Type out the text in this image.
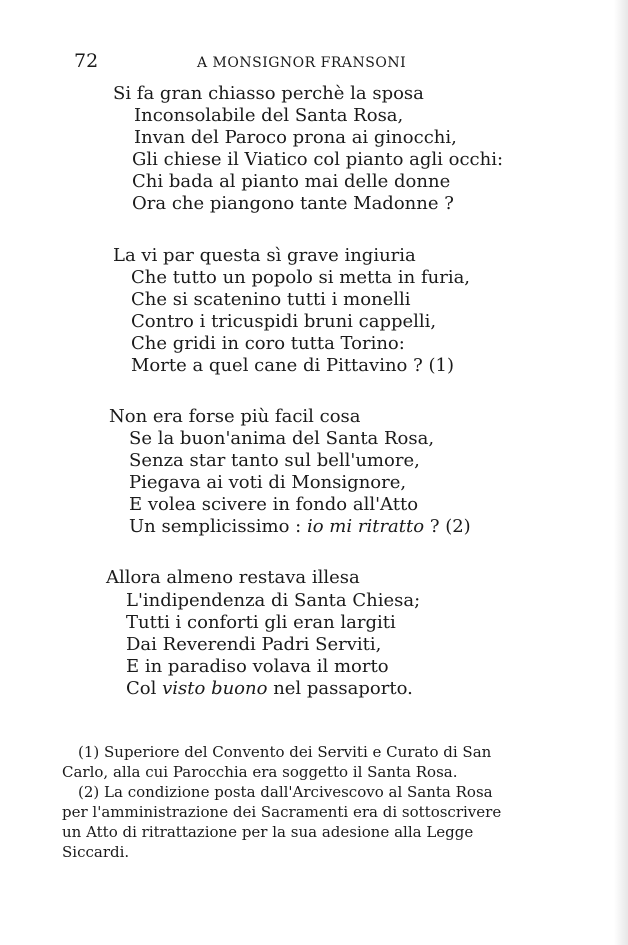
72	A MONSIGNOR FRANSONI
Si fa gran chiasso perchè la sposa
Inconsolabile del Santa Rosa,
Invan del Paroco prona ai ginocchi,
Gli chiese il Viatico col pianto agli occhi:
Chi bada al pianto mai delle donne
Ora che piangono tante Madonne ?
La vi par questa sì grave ingiuria
Che tutto un popolo si metta in furia,
Che si scatenino tutti i monelli
Contro i tricuspidi bruni cappelli,
Che gridi in coro tutta Torino:
Morte a quel cane di Pittavino ? (1)
Non era forse più facil cosa
Se la buon'anima del Santa Rosa,
Senza star tanto sul bell'umore,
Piegava ai voti di Monsignore,
E volea scivere in fondo all'Atto
Un semplicissimo : io mi ritratto ? (2)
Allora almeno restava illesa
L'indipendenza di Santa Chiesa;
Tutti i conforti gli eran largiti
Dai Reverendi Padri Serviti,
E in paradiso volava il morto
Col visto buono nel passaporto.
(1) Superiore del Convento dei Serviti e Curato di San
Carlo, alla cui Parocchia era soggetto il Santa Rosa.
(2) La condizione posta dall'Arcivescovo al Santa Rosa
per l'amministrazione dei Sacramenti era di sottoscrivere
un Atto di ritrattazione per la sua adesione alla Legge
Siccardi.
